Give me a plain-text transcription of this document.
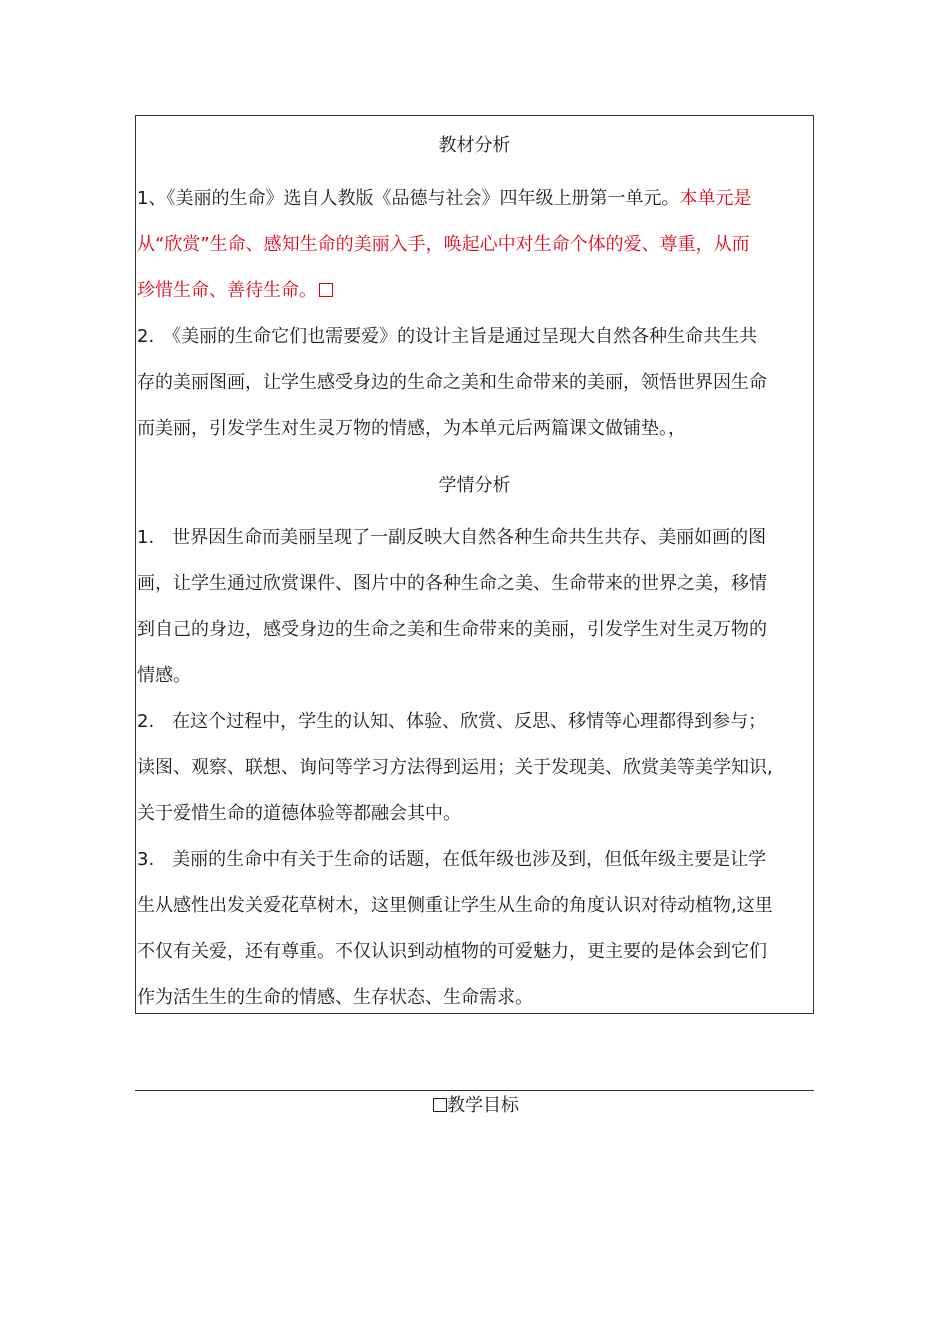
教材分析
1、《美丽的生命》选自人教版《品德与社会》四年级上册第一单元。本单元是
从“欣赏”生命、感知生命的美丽入手，唤起心中对生命个体的爱、尊重，从而
珍惜生命、善待生命。
2.　《美丽的生命它们也需要爱》的设计主旨是通过呈现大自然各种生命共生共
存的美丽图画，让学生感受身边的生命之美和生命带来的美丽，领悟世界因生命
而美丽，引发学生对生灵万物的情感，为本单元后两篇课文做铺垫。，
学情分析
1.　世界因生命而美丽呈现了一副反映大自然各种生命共生共存、美丽如画的图
画，让学生通过欣赏课件、图片中的各种生命之美、生命带来的世界之美，移情
到自己的身边，感受身边的生命之美和生命带来的美丽，引发学生对生灵万物的
情感。
2.　在这个过程中，学生的认知、体验、欣赏、反思、移情等心理都得到参与；
读图、观察、联想、询问等学习方法得到运用；关于发现美、欣赏美等美学知识,
关于爱惜生命的道德体验等都融会其中。
3.　美丽的生命中有关于生命的话题，在低年级也涉及到，但低年级主要是让学
生从感性出发关爱花草树木，这里侧重让学生从生命的角度认识对待动植物,这里
不仅有关爱，还有尊重。不仅认识到动植物的可爱魅力，更主要的是体会到它们
作为活生生的生命的情感、生存状态、生命需求。
教学目标
